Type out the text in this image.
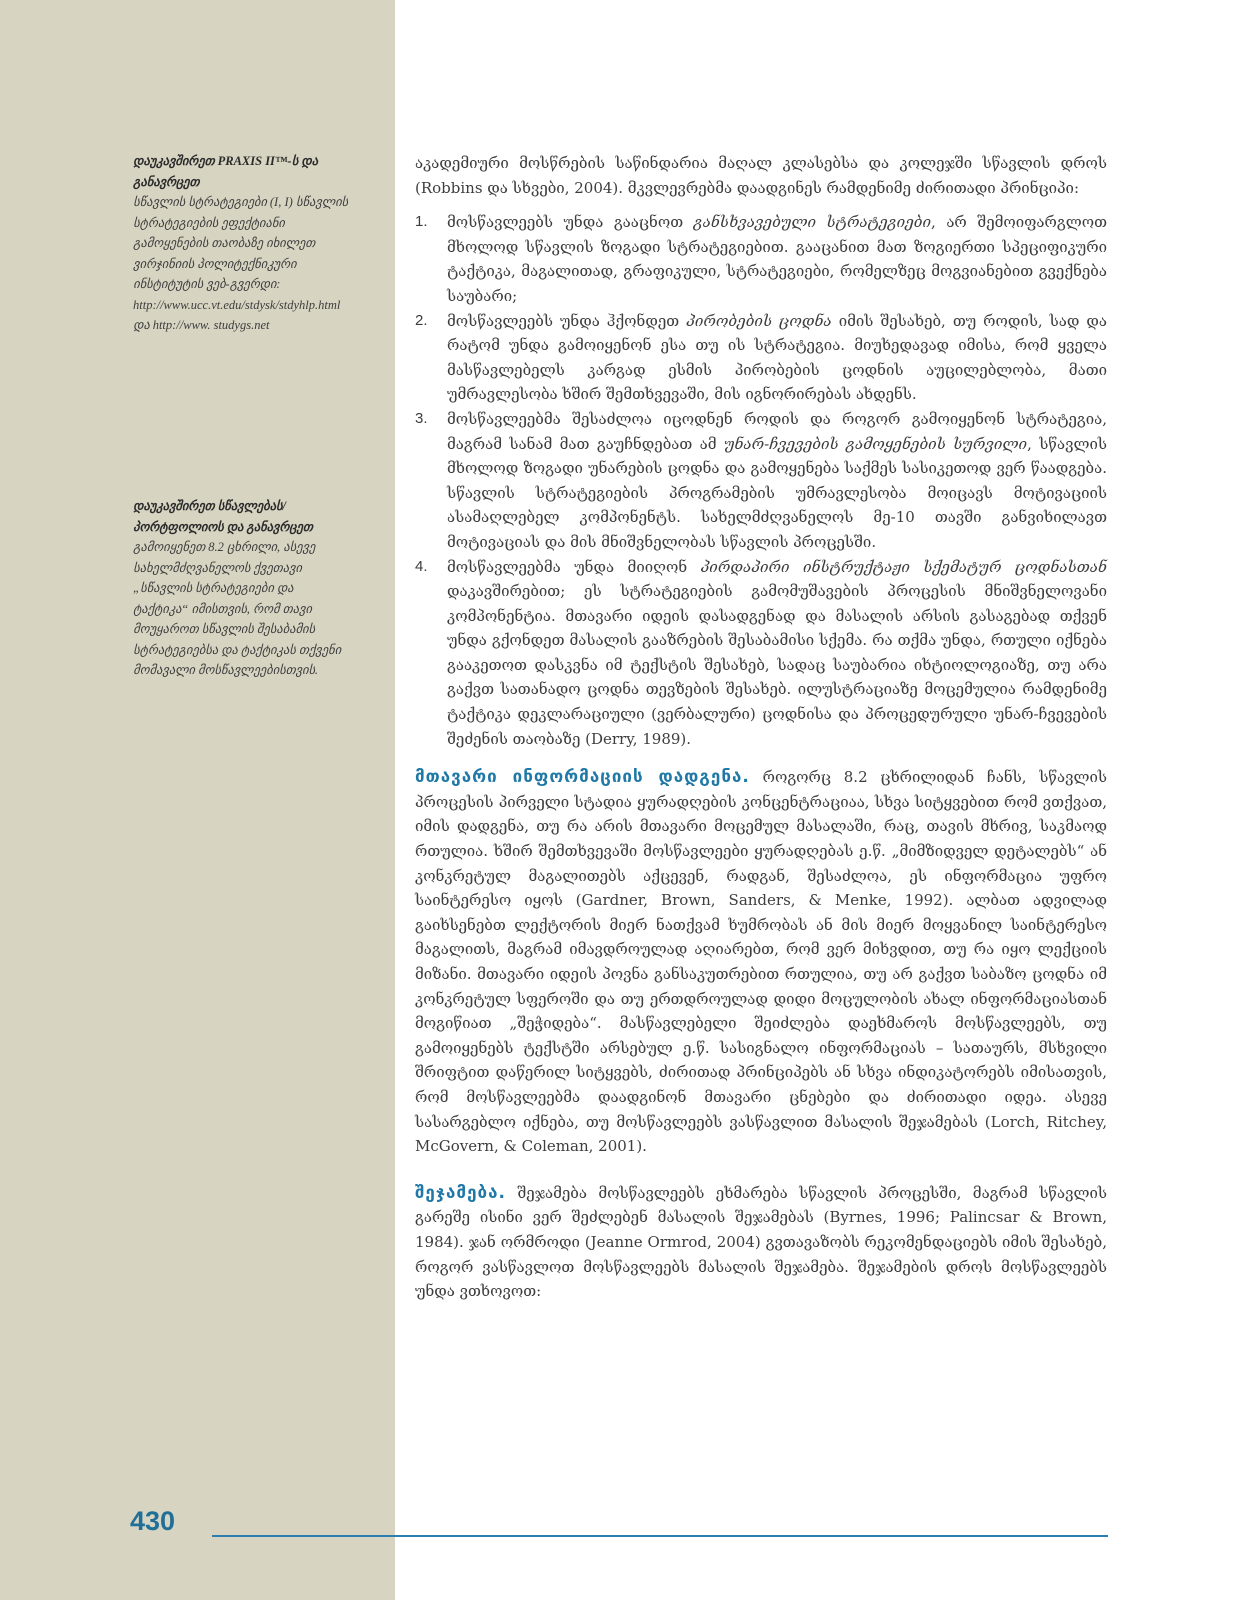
დაუკავშირეთ PRAXIS II™-ს და განავრცეთ
სწავლის სტრატეგიები (I, I) სწავლის სტრატეგიების ეფექტიანი გამოყენების თაობაზე იხილეთ ვირჯინიის პოლიტექნიკური ინსტიტუტის ვებ-გვერდი: http://www.ucc.vt.edu/stdysk/stdyhlp.html და http://www. studygs.net
დაუკავშირეთ სწავლებას/ პორტფოლიოს და განავრცეთ
გამოიყენეთ 8.2 ცხრილი, ასევე სახელმძღვანელოს ქვეთავი „სწავლის სტრატეგიები და ტაქტიკა“ იმისთვის, რომ თავი მოუყაროთ სწავლის შესაბამის სტრატეგიებსა და ტაქტიკას თქვენი მომავალი მოსწავლეებისთვის.

აკადემიური მოსწრების საწინდარია მაღალ კლასებსა და კოლეჯში სწავლის დროს (Robbins და სხვები, 2004). მკვლევრებმა დაადგინეს რამდენიმე ძირითადი პრინციპი:

1.	მოსწავლეებს უნდა გააცნოთ განსხვავებული სტრატეგიები, არ შემოიფარგლოთ მხოლოდ სწავლის ზოგადი სტრატეგიებით. გააცანით მათ ზოგიერთი სპეციფიკური ტაქტიკა, მაგალითად, გრაფიკული, სტრატეგიები, რომელზეც მოგვიანებით გვექნება საუბარი;
2.	მოსწავლეებს უნდა ჰქონდეთ პირობების ცოდნა იმის შესახებ, თუ როდის, სად და რატომ უნდა გამოიყენონ ესა თუ ის სტრატეგია. მიუხედავად იმისა, რომ ყველა მასწავლებელს კარგად ესმის პირობების ცოდნის აუცილებლობა, მათი უმრავლესობა ხშირ შემთხვევაში, მის იგნორირებას ახდენს.
3.	მოსწავლეებმა შესაძლოა იცოდნენ როდის და როგორ გამოიყენონ სტრატეგია, მაგრამ სანამ მათ გაუჩნდებათ ამ უნარ-ჩვევების გამოყენების სურვილი, სწავლის მხოლოდ ზოგადი უნარების ცოდნა და გამოყენება საქმეს სასიკეთოდ ვერ წაადგება. სწავლის სტრატეგიების პროგრამების უმრავლესობა მოიცავს მოტივაციის ასამაღლებელ კომპონენტს. სახელმძღვანელოს მე-10 თავში განვიხილავთ მოტივაციას და მის მნიშვნელობას სწავლის პროცესში.
4.	მოსწავლეებმა უნდა მიიღონ პირდაპირი ინსტრუქტაჟი სქემატურ ცოდნასთან დაკავშირებით; ეს სტრატეგიების გამომუშავების პროცესის მნიშვნელოვანი კომპონენტია. მთავარი იდეის დასადგენად და მასალის არსის გასაგებად თქვენ უნდა გქონდეთ მასალის გააზრების შესაბამისი სქემა. რა თქმა უნდა, რთული იქნება გააკეთოთ დასკვნა იმ ტექსტის შესახებ, სადაც საუბარია იხტიოლოგიაზე, თუ არა გაქვთ სათანადო ცოდნა თევზების შესახებ. ილუსტრაციაზე მოცემულია რამდენიმე ტაქტიკა დეკლარაციული (ვერბალური) ცოდნისა და პროცედურული უნარ-ჩვევების შეძენის თაობაზე (Derry, 1989).

მთავარი ინფორმაციის დადგენა. როგორც 8.2 ცხრილიდან ჩანს, სწავლის პროცესის პირველი სტადია ყურადღების კონცენტრაციაა, სხვა სიტყვებით რომ ვთქვათ, იმის დადგენა, თუ რა არის მთავარი მოცემულ მასალაში, რაც, თავის მხრივ, საკმაოდ რთულია. ხშირ შემთხვევაში მოსწავლეები ყურადღებას ე.წ. „მიმზიდველ დეტალებს“ ან კონკრეტულ მაგალითებს აქცევენ, რადგან, შესაძლოა, ეს ინფორმაცია უფრო საინტერესო იყოს (Gardner, Brown, Sanders, & Menke, 1992). ალბათ ადვილად გაიხსენებთ ლექტორის მიერ ნათქვამ ხუმრობას ან მის მიერ მოყვანილ საინტერესო მაგალითს, მაგრამ იმავდროულად აღიარებთ, რომ ვერ მიხვდით, თუ რა იყო ლექციის მიზანი. მთავარი იდეის პოვნა განსაკუთრებით რთულია, თუ არ გაქვთ საბაზო ცოდნა იმ კონკრეტულ სფეროში და თუ ერთდროულად დიდი მოცულობის ახალ ინფორმაციასთან მოგიწიათ „შეჭიდება“. მასწავლებელი შეიძლება დაეხმაროს მოსწავლეებს, თუ გამოიყენებს ტექსტში არსებულ ე.წ. სასიგნალო ინფორმაციას – სათაურს, მსხვილი შრიფტით დაწერილ სიტყვებს, ძირითად პრინციპებს ან სხვა ინდიკატორებს იმისათვის, რომ მოსწავლეებმა დაადგინონ მთავარი ცნებები და ძირითადი იდეა. ასევე სასარგებლო იქნება, თუ მოსწავლეებს ვასწავლით მასალის შეჯამებას (Lorch, Ritchey, McGovern, & Coleman, 2001).

შეჯამება. შეჯამება მოსწავლეებს ეხმარება სწავლის პროცესში, მაგრამ სწავლის გარეშე ისინი ვერ შეძლებენ მასალის შეჯამებას (Byrnes, 1996; Palincsar & Brown, 1984). ჯან ორმროდი (Jeanne Ormrod, 2004) გვთავაზობს რეკომენდაციებს იმის შესახებ, როგორ ვასწავლოთ მოსწავლეებს მასალის შეჯამება. შეჯამების დროს მოსწავლეებს უნდა ვთხოვოთ:

430
